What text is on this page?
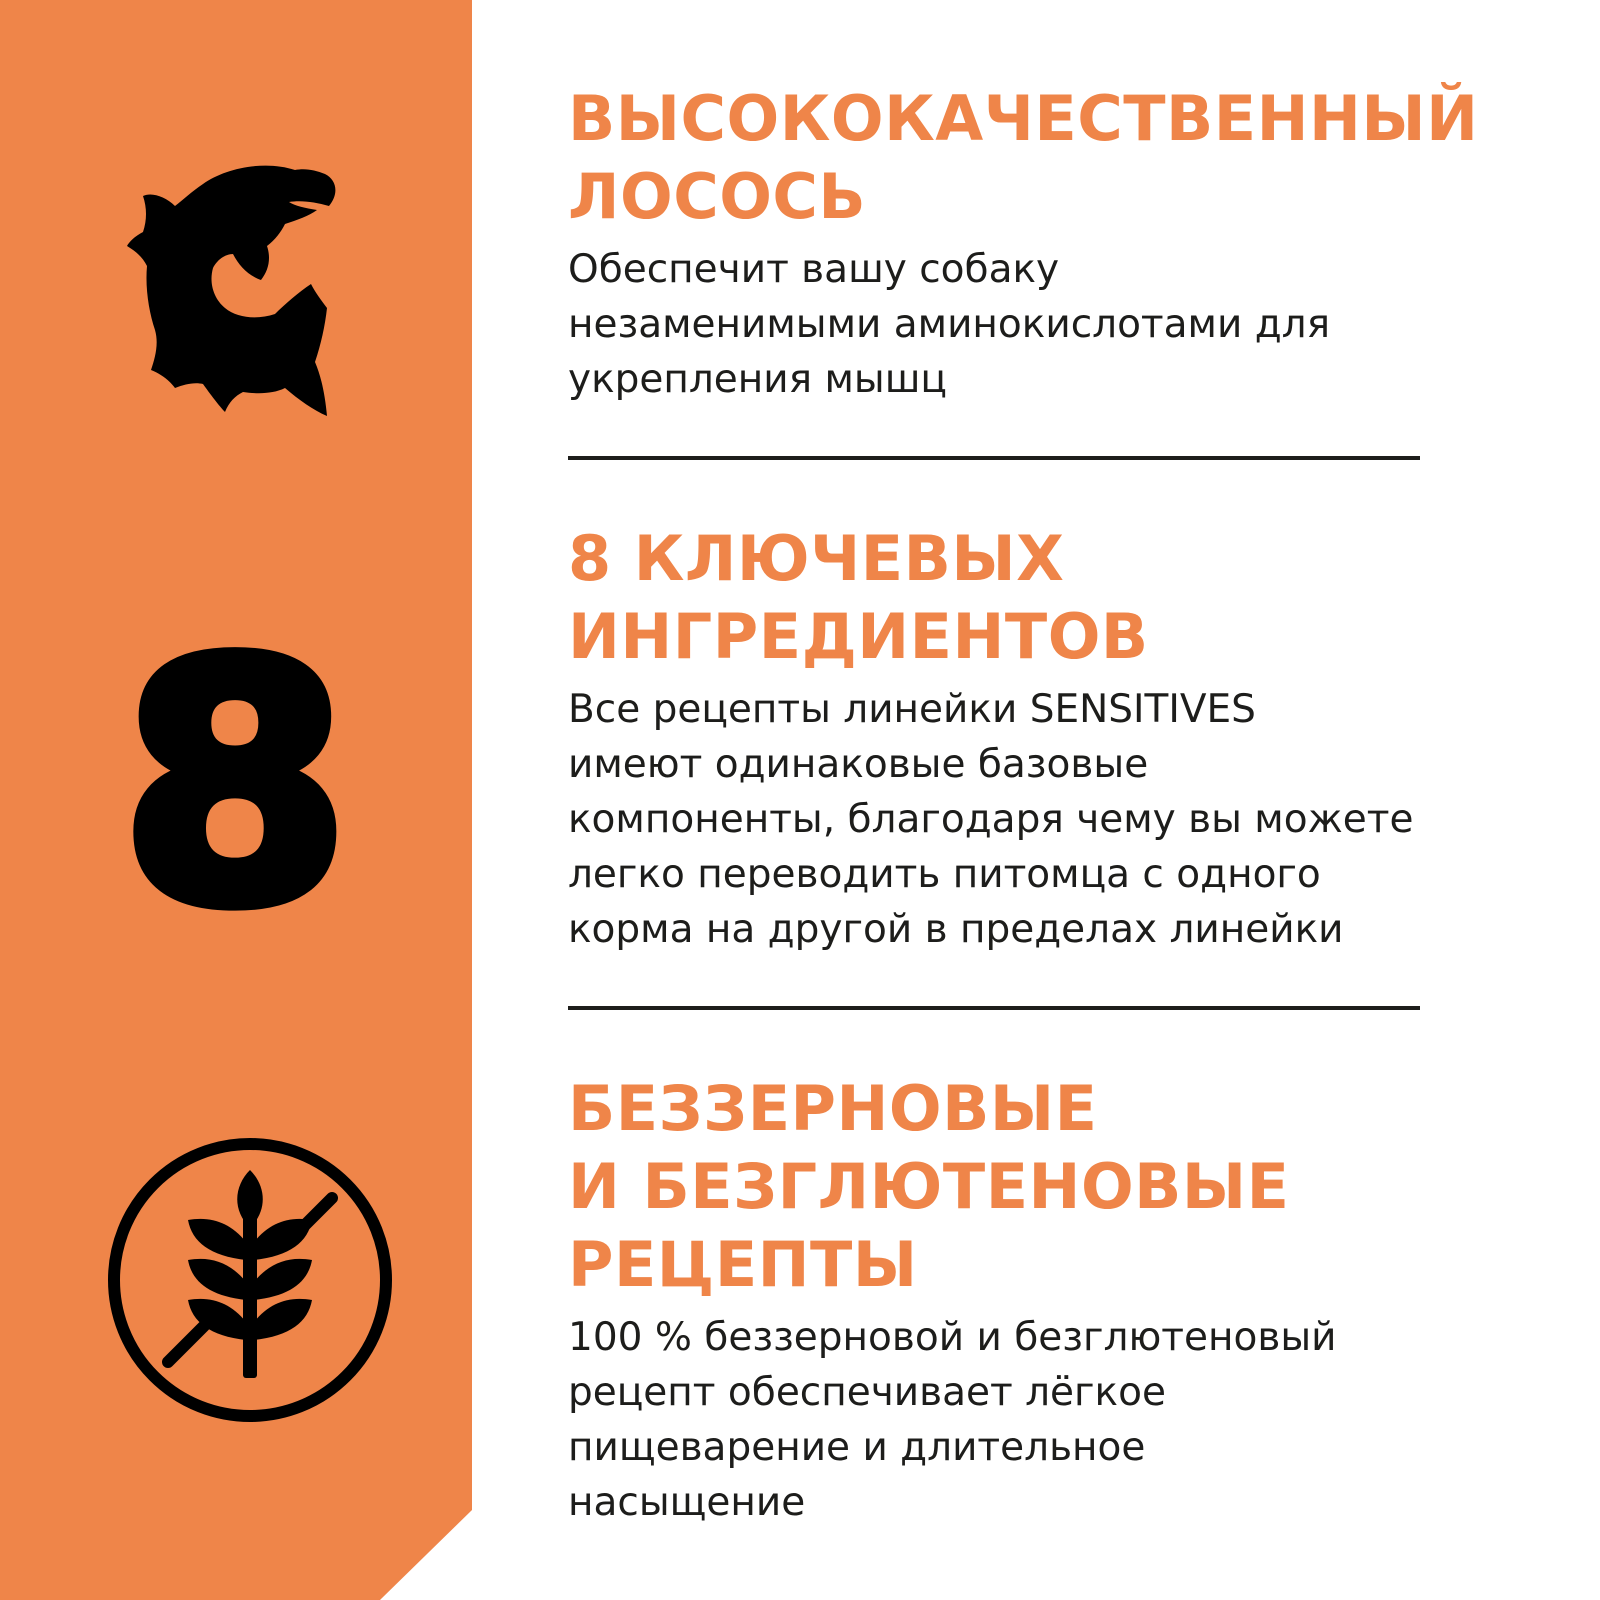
8
ВЫСОКОКАЧЕСТВЕННЫЙ
ЛОСОСЬ

Обеспечит вашу собаку
незаменимыми аминокислотами для
укрепления мышц

8 КЛЮЧЕВЫХ
ИНГРЕДИЕНТОВ

Все рецепты линейки SENSITIVES
имеют одинаковые базовые
компоненты, благодаря чему вы можете
легко переводить питомца с одного
корма на другой в пределах линейки

БЕЗЗЕРНОВЫЕ
И БЕЗГЛЮТЕНОВЫЕ
РЕЦЕПТЫ

100 % беззерновой и безглютеновый
рецепт обеспечивает лёгкое
пищеварение и длительное
насыщение
